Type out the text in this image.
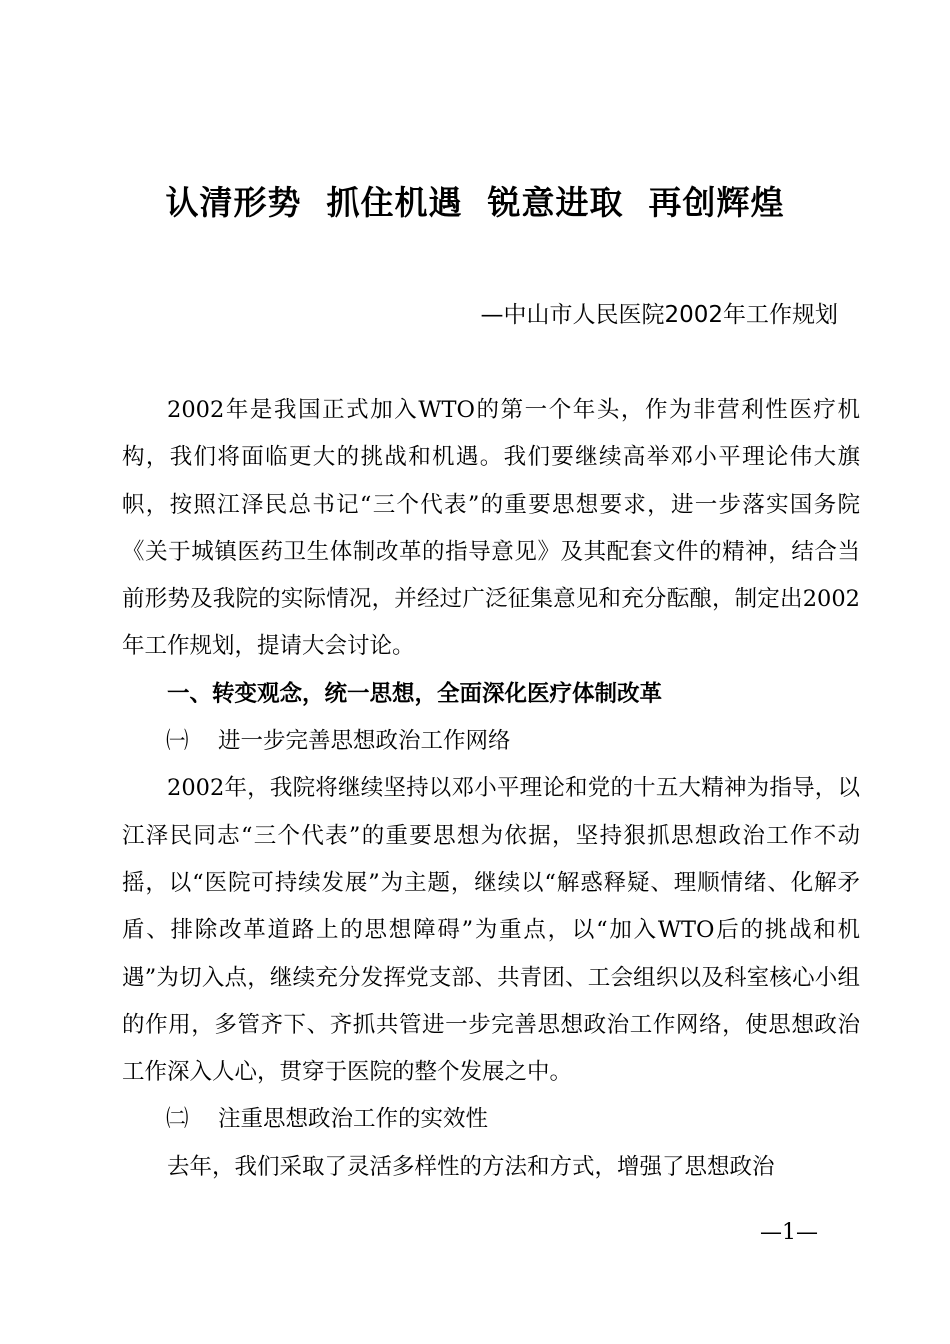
认清形势  抓住机遇  锐意进取  再创辉煌
—中山市人民医院2002年工作规划

2002年是我国正式加入WTO的第一个年头，作为非营利性医疗机构，我们将面临更大的挑战和机遇。我们要继续高举邓小平理论伟大旗帜，按照江泽民总书记“三个代表”的重要思想要求，进一步落实国务院《关于城镇医药卫生体制改革的指导意见》及其配套文件的精神，结合当前形势及我院的实际情况，并经过广泛征集意见和充分酝酿，制定出2002年工作规划，提请大会讨论。

一、转变观念，统一思想，全面深化医疗体制改革

㈠ 进一步完善思想政治工作网络

2002年，我院将继续坚持以邓小平理论和党的十五大精神为指导，以江泽民同志“三个代表”的重要思想为依据，坚持狠抓思想政治工作不动摇，以“医院可持续发展”为主题，继续以“解惑释疑、理顺情绪、化解矛盾、排除改革道路上的思想障碍”为重点，以“加入WTO后的挑战和机遇”为切入点，继续充分发挥党支部、共青团、工会组织以及科室核心小组的作用，多管齐下、齐抓共管进一步完善思想政治工作网络，使思想政治工作深入人心，贯穿于医院的整个发展之中。

㈡ 注重思想政治工作的实效性

去年，我们采取了灵活多样性的方法和方式，增强了思想政治

—1—
